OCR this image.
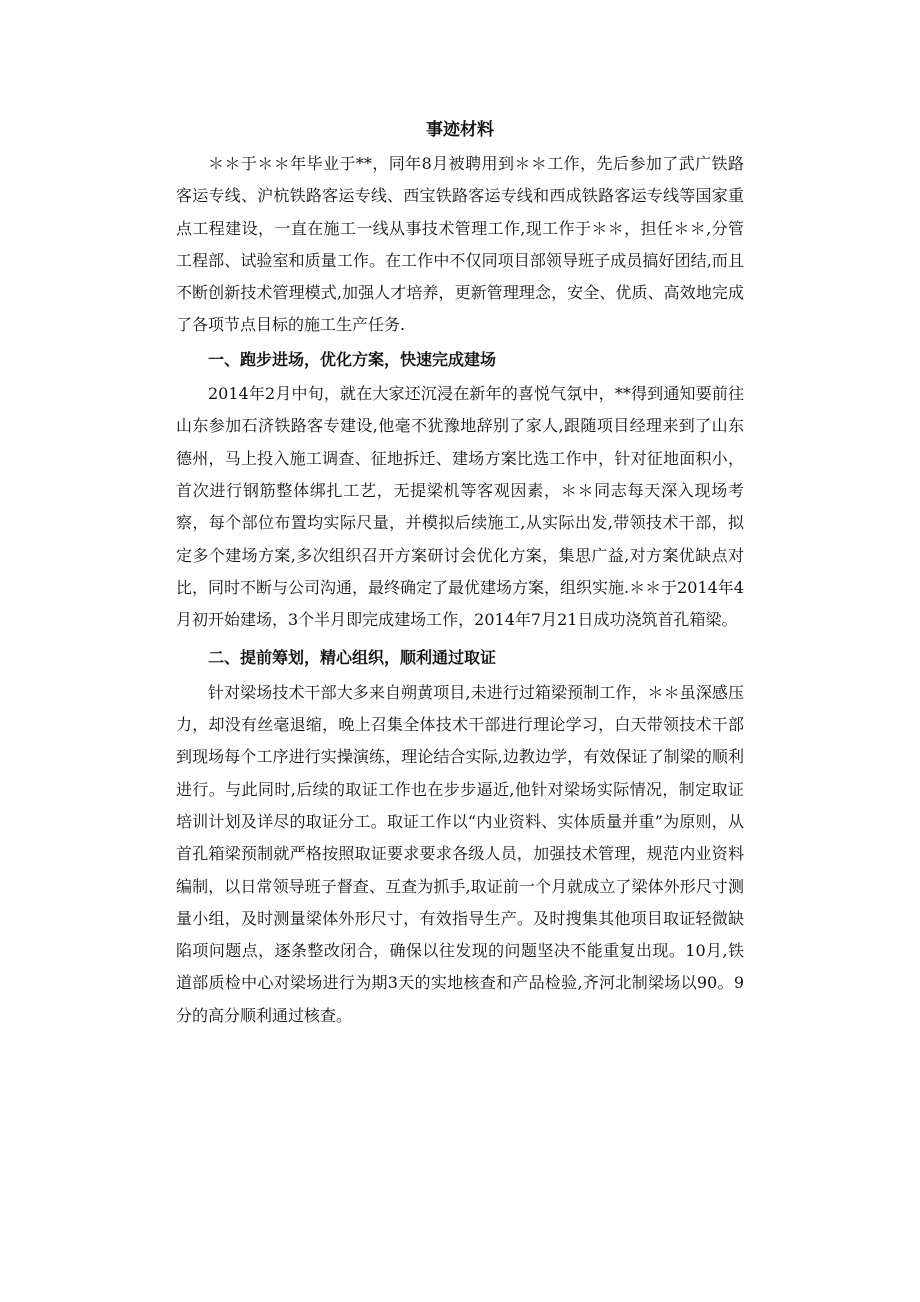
事迹材料

＊＊于＊＊年毕业于**，同年8月被聘用到＊＊工作，先后参加了武广铁路客运专线、沪杭铁路客运专线、西宝铁路客运专线和西成铁路客运专线等国家重点工程建设，一直在施工一线从事技术管理工作,现工作于＊＊，担任＊＊,分管工程部、试验室和质量工作。在工作中不仅同项目部领导班子成员搞好团结,而且不断创新技术管理模式,加强人才培养，更新管理理念，安全、优质、高效地完成了各项节点目标的施工生产任务.

一、跑步进场，优化方案，快速完成建场

2014年2月中旬，就在大家还沉浸在新年的喜悦气氛中，**得到通知要前往山东参加石济铁路客专建设,他毫不犹豫地辞别了家人,跟随项目经理来到了山东德州，马上投入施工调查、征地拆迁、建场方案比选工作中，针对征地面积小，首次进行钢筋整体绑扎工艺，无提梁机等客观因素，＊＊同志每天深入现场考察，每个部位布置均实际尺量，并模拟后续施工,从实际出发,带领技术干部，拟定多个建场方案,多次组织召开方案研讨会优化方案，集思广益,对方案优缺点对比，同时不断与公司沟通，最终确定了最优建场方案，组织实施.＊＊于2014年4月初开始建场，3个半月即完成建场工作，2014年7月21日成功浇筑首孔箱梁。

二、提前筹划，精心组织，顺利通过取证

针对梁场技术干部大多来自朔黄项目,未进行过箱梁预制工作，＊＊虽深感压力，却没有丝毫退缩，晚上召集全体技术干部进行理论学习，白天带领技术干部到现场每个工序进行实操演练，理论结合实际,边教边学，有效保证了制梁的顺利进行。与此同时,后续的取证工作也在步步逼近,他针对梁场实际情况，制定取证培训计划及详尽的取证分工。取证工作以“内业资料、实体质量并重”为原则，从首孔箱梁预制就严格按照取证要求要求各级人员，加强技术管理，规范内业资料编制，以日常领导班子督查、互查为抓手,取证前一个月就成立了梁体外形尺寸测量小组，及时测量梁体外形尺寸，有效指导生产。及时搜集其他项目取证轻微缺陷项问题点，逐条整改闭合，确保以往发现的问题坚决不能重复出现。10月,铁道部质检中心对梁场进行为期3天的实地核查和产品检验,齐河北制梁场以90。9分的高分顺利通过核查。
